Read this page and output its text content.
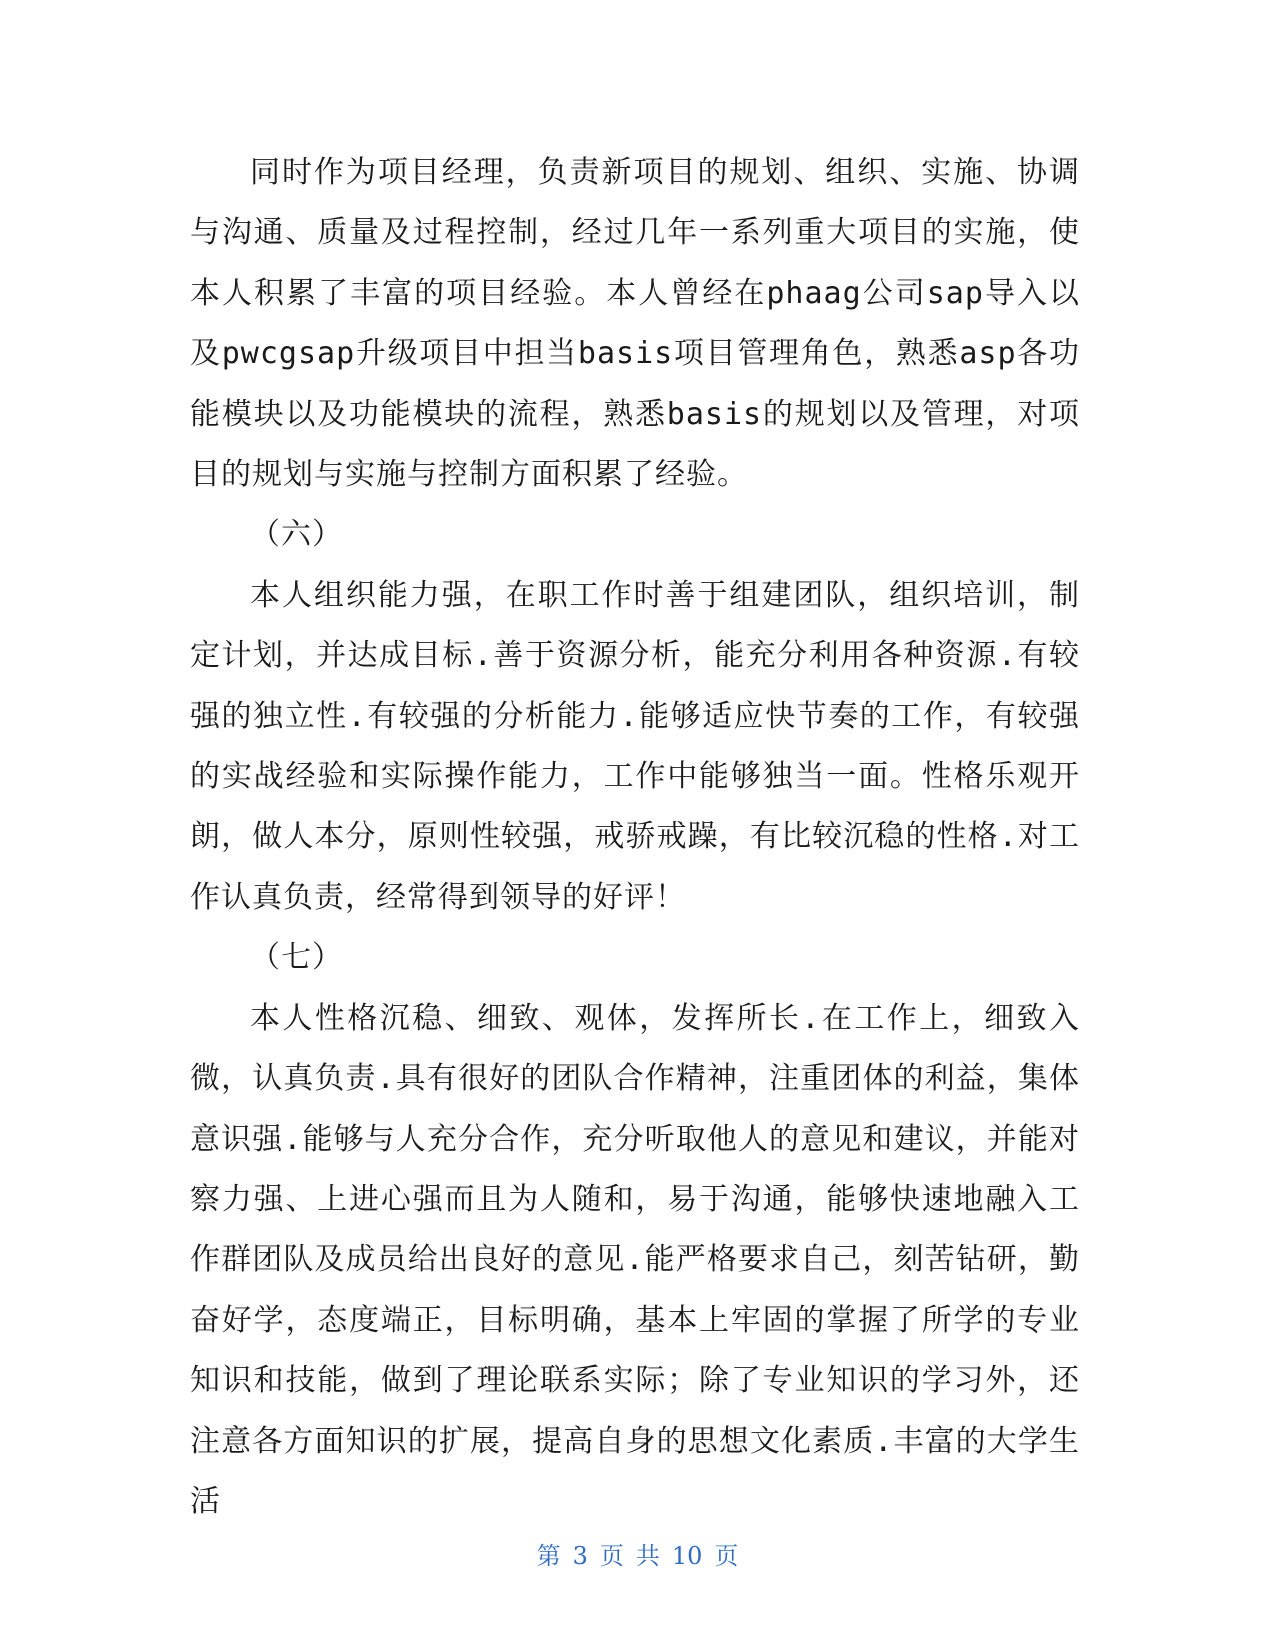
同时作为项目经理，负责新项目的规划、组织、实施、协调与沟通、质量及过程控制，经过几年一系列重大项目的实施，使本人积累了丰富的项目经验。本人曾经在phaag公司sap导入以及pwcgsap升级项目中担当basis项目管理角色，熟悉asp各功能模块以及功能模块的流程，熟悉basis的规划以及管理，对项目的规划与实施与控制方面积累了经验。

（六）

本人组织能力强，在职工作时善于组建团队，组织培训，制定计划，并达成目标.善于资源分析，能充分利用各种资源.有较强的独立性.有较强的分析能力.能够适应快节奏的工作，有较强的实战经验和实际操作能力，工作中能够独当一面。性格乐观开朗，做人本分，原则性较强，戒骄戒躁，有比较沉稳的性格.对工作认真负责，经常得到领导的好评！

（七）

本人性格沉稳、细致、观体，发挥所长.在工作上，细致入微，认真负责.具有很好的团队合作精神，注重团体的利益，集体意识强.能够与人充分合作，充分听取他人的意见和建议，并能对察力强、上进心强而且为人随和，易于沟通，能够快速地融入工作群团队及成员给出良好的意见.能严格要求自己，刻苦钻研，勤奋好学，态度端正，目标明确，基本上牢固的掌握了所学的专业知识和技能，做到了理论联系实际；除了专业知识的学习外，还注意各方面知识的扩展，提高自身的思想文化素质.丰富的大学生活

第 3 页 共 10 页
